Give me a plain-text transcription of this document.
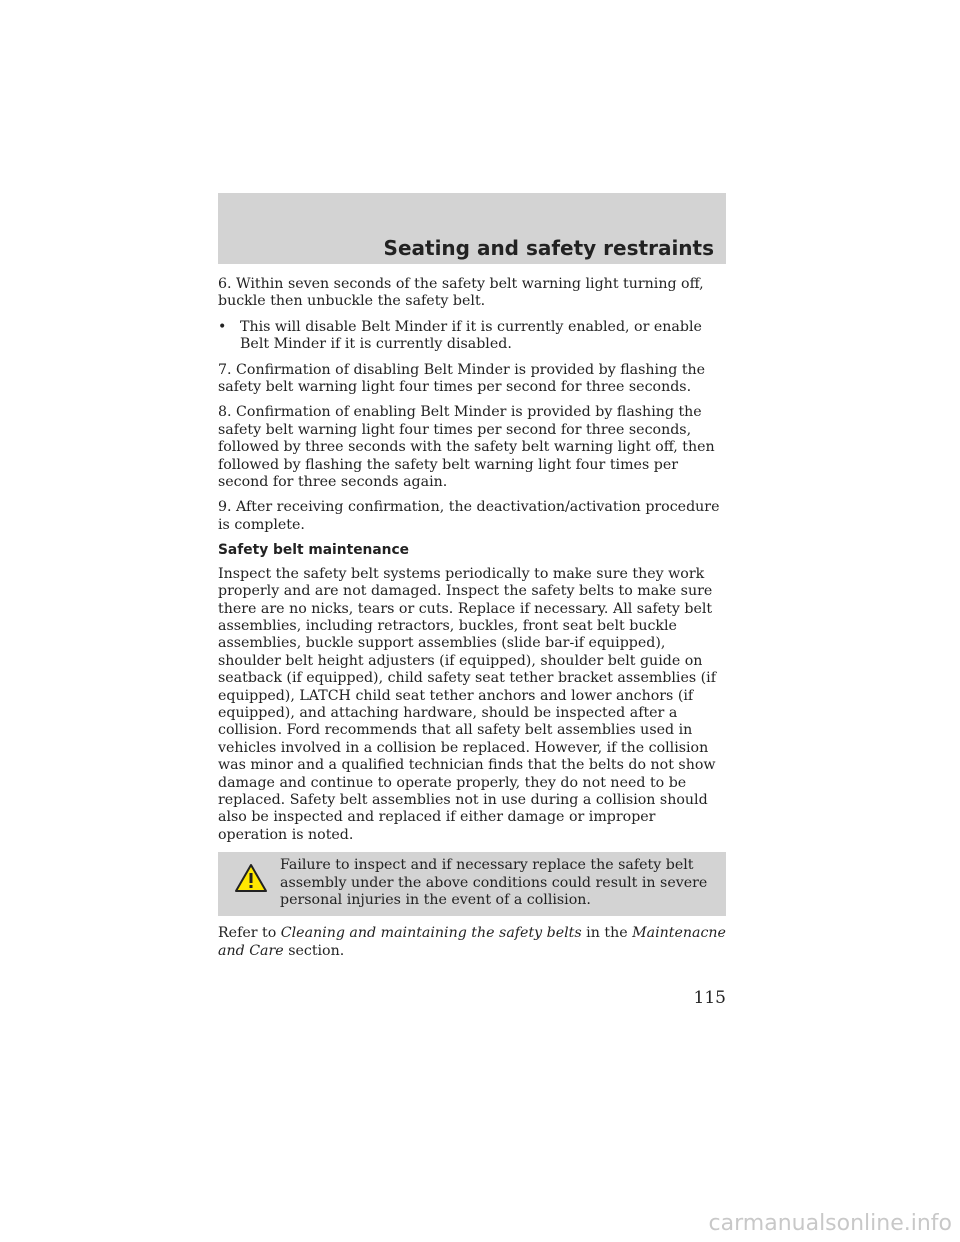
Seating and safety restraints

6. Within seven seconds of the safety belt warning light turning off, buckle then unbuckle the safety belt.

• This will disable Belt Minder if it is currently enabled, or enable Belt Minder if it is currently disabled.

7. Confirmation of disabling Belt Minder is provided by flashing the safety belt warning light four times per second for three seconds.

8. Confirmation of enabling Belt Minder is provided by flashing the safety belt warning light four times per second for three seconds, followed by three seconds with the safety belt warning light off, then followed by flashing the safety belt warning light four times per second for three seconds again.

9. After receiving confirmation, the deactivation/activation procedure is complete.

Safety belt maintenance

Inspect the safety belt systems periodically to make sure they work properly and are not damaged. Inspect the safety belts to make sure there are no nicks, tears or cuts. Replace if necessary. All safety belt assemblies, including retractors, buckles, front seat belt buckle assemblies, buckle support assemblies (slide bar-if equipped), shoulder belt height adjusters (if equipped), shoulder belt guide on seatback (if equipped), child safety seat tether bracket assemblies (if equipped), LATCH child seat tether anchors and lower anchors (if equipped), and attaching hardware, should be inspected after a collision. Ford recommends that all safety belt assemblies used in vehicles involved in a collision be replaced. However, if the collision was minor and a qualified technician finds that the belts do not show damage and continue to operate properly, they do not need to be replaced. Safety belt assemblies not in use during a collision should also be inspected and replaced if either damage or improper operation is noted.

Failure to inspect and if necessary replace the safety belt assembly under the above conditions could result in severe personal injuries in the event of a collision.

Refer to Cleaning and maintaining the safety belts in the Maintenacne and Care section.

115
carmanualsonline.info
